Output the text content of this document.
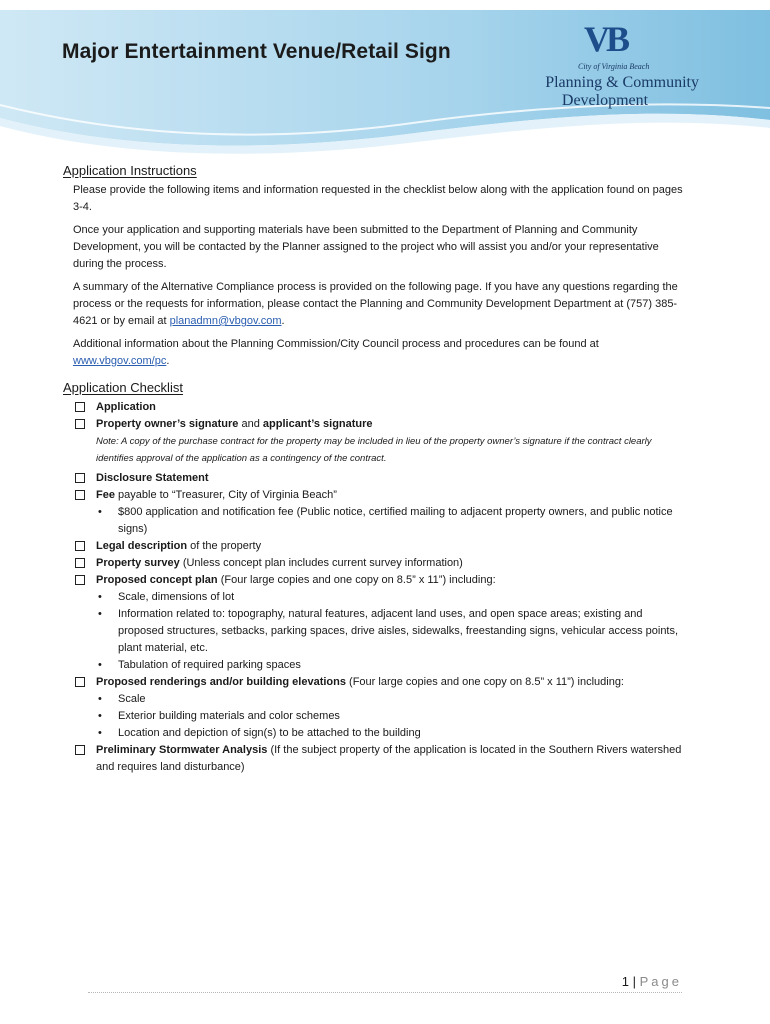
Major Entertainment Venue/Retail Sign	VB
City of Virginia Beach
Planning & Community
Development
Application Instructions

Please provide the following items and information requested in the checklist below along with the application found on pages 3-4.

Once your application and supporting materials have been submitted to the Department of Planning and Community Development, you will be contacted by the Planner assigned to the project who will assist you and/or your representative during the process.

A summary of the Alternative Compliance process is provided on the following page. If you have any questions regarding the process or the requests for information, please contact the Planning and Community Development Department at (757) 385-4621 or by email at planadmn@vbgov.com.

Additional information about the Planning Commission/City Council process and procedures can be found at www.vbgov.com/pc.

Application Checklist
Application
Property owner’s signature and applicant’s signature

Note: A copy of the purchase contract for the property may be included in lieu of the property owner’s signature if the contract clearly identifies approval of the application as a contingency of the contract.

Disclosure Statement
Fee payable to “Treasurer, City of Virginia Beach”
• $800 application and notification fee (Public notice, certified mailing to adjacent property owners, and public notice signs)
Legal description of the property
Property survey (Unless concept plan includes current survey information)
Proposed concept plan (Four large copies and one copy on 8.5” x 11”) including:
• Scale, dimensions of lot
• Information related to: topography, natural features, adjacent land uses, and open space areas; existing and proposed structures, setbacks, parking spaces, drive aisles, sidewalks, freestanding signs, vehicular access points, plant material, etc.
• Tabulation of required parking spaces
Proposed renderings and/or building elevations (Four large copies and one copy on 8.5” x 11”) including:
• Scale
• Exterior building materials and color schemes
• Location and depiction of sign(s) to be attached to the building
Preliminary Stormwater Analysis (If the subject property of the application is located in the Southern Rivers watershed and requires land disturbance)
1 | Page
